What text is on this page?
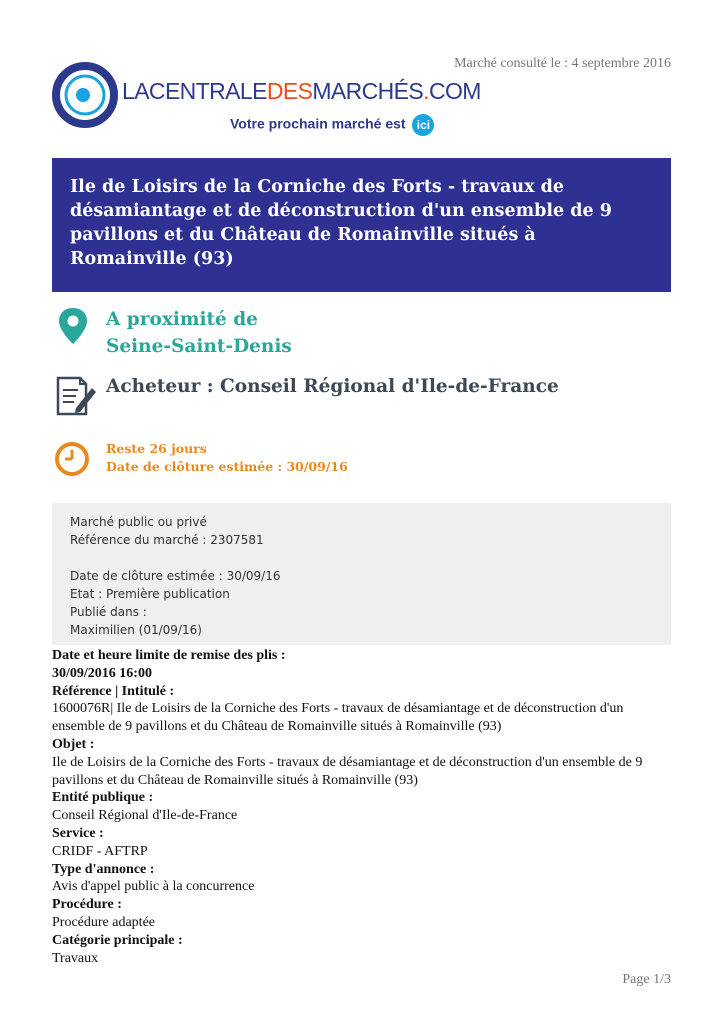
Marché consulté le : 4 septembre 2016
LACENTRALEDESMARCHÉS.COM
Votre prochain marché est ici
Ile de Loisirs de la Corniche des Forts - travaux de désamiantage et de déconstruction d'un ensemble de 9 pavillons et du Château de Romainville situés à Romainville (93)
A proximité de
Seine-Saint-Denis
Acheteur : Conseil Régional d'Ile-de-France
Reste 26 jours
Date de clôture estimée : 30/09/16
Marché public ou privé
Référence du marché : 2307581
Date de clôture estimée : 30/09/16
Etat : Première publication
Publié dans :
Maximilien (01/09/16)
Date et heure limite de remise des plis :
30/09/2016 16:00
Référence | Intitulé :
1600076R| Ile de Loisirs de la Corniche des Forts - travaux de désamiantage et de déconstruction d'un ensemble de 9 pavillons et du Château de Romainville situés à Romainville (93)
Objet :
Ile de Loisirs de la Corniche des Forts - travaux de désamiantage et de déconstruction d'un ensemble de 9 pavillons et du Château de Romainville situés à Romainville (93)
Entité publique :
Conseil Régional d'Ile-de-France
Service :
CRIDF - AFTRP
Type d'annonce :
Avis d'appel public à la concurrence
Procédure :
Procédure adaptée
Catégorie principale :
Travaux
Page 1/3
